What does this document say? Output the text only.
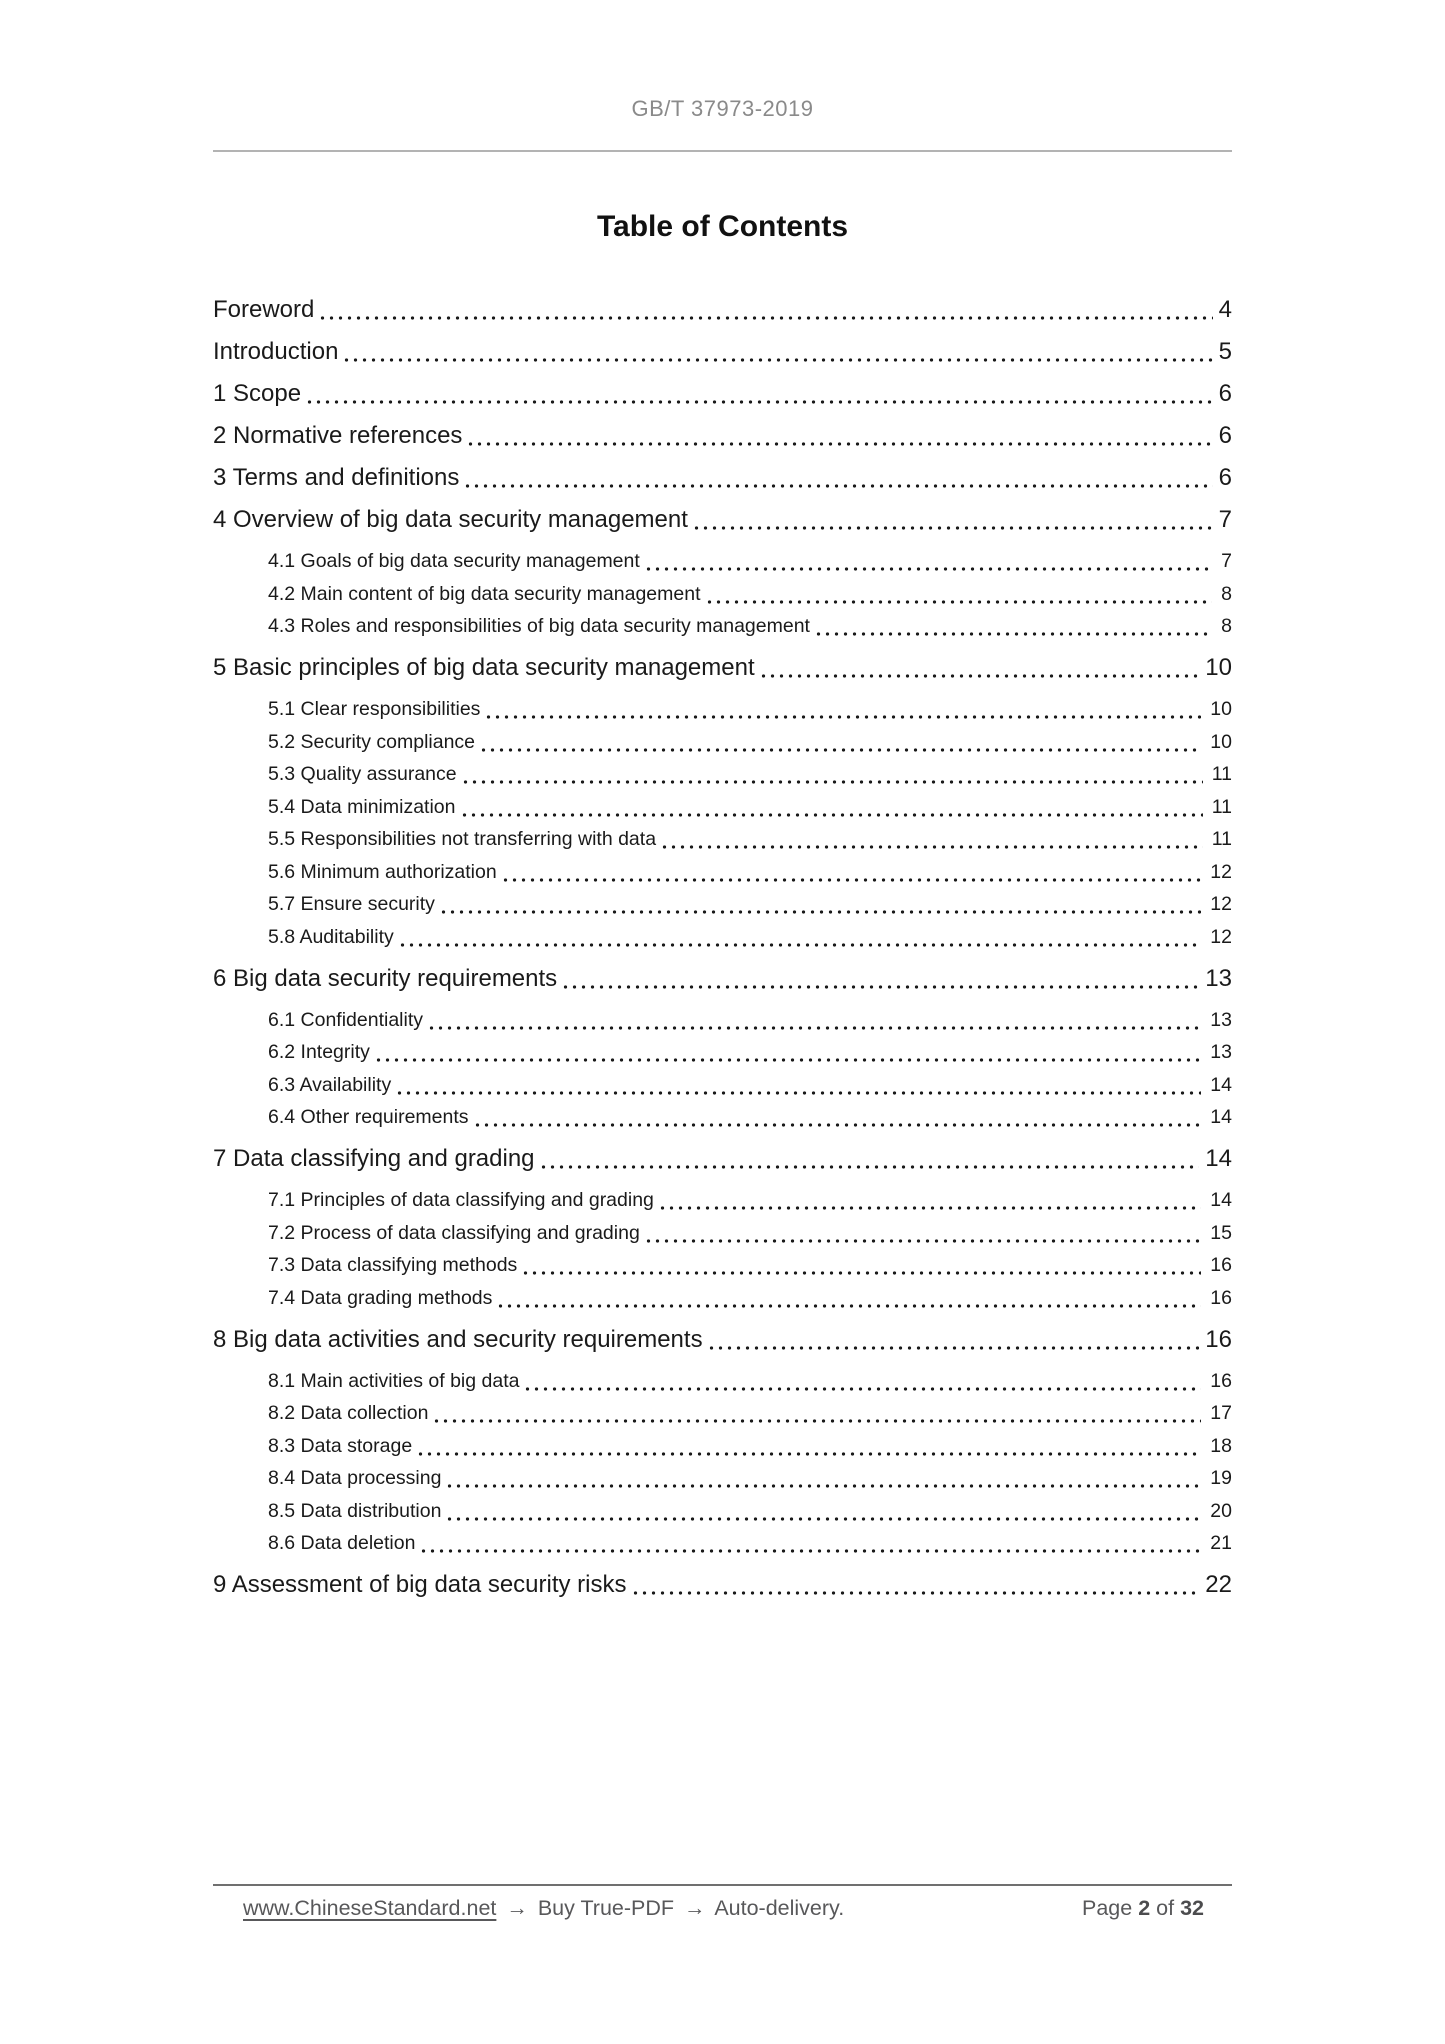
GB/T 37973-2019
Table of Contents
Foreword	4
Introduction	5
1 Scope	6
2 Normative references	6
3 Terms and definitions	6
4 Overview of big data security management	7
4.1 Goals of big data security management	7
4.2 Main content of big data security management	8
4.3 Roles and responsibilities of big data security management	8
5 Basic principles of big data security management	10
5.1 Clear responsibilities	10
5.2 Security compliance	10
5.3 Quality assurance	11
5.4 Data minimization	11
5.5 Responsibilities not transferring with data	11
5.6 Minimum authorization	12
5.7 Ensure security	12
5.8 Auditability	12
6 Big data security requirements	13
6.1 Confidentiality	13
6.2 Integrity	13
6.3 Availability	14
6.4 Other requirements	14
7 Data classifying and grading	14
7.1 Principles of data classifying and grading	14
7.2 Process of data classifying and grading	15
7.3 Data classifying methods	16
7.4 Data grading methods	16
8 Big data activities and security requirements	16
8.1 Main activities of big data	16
8.2 Data collection	17
8.3 Data storage	18
8.4 Data processing	19
8.5 Data distribution	20
8.6 Data deletion	21
9 Assessment of big data security risks	22
www.ChineseStandard.net → Buy True-PDF → Auto-delivery.	Page 2 of 32
